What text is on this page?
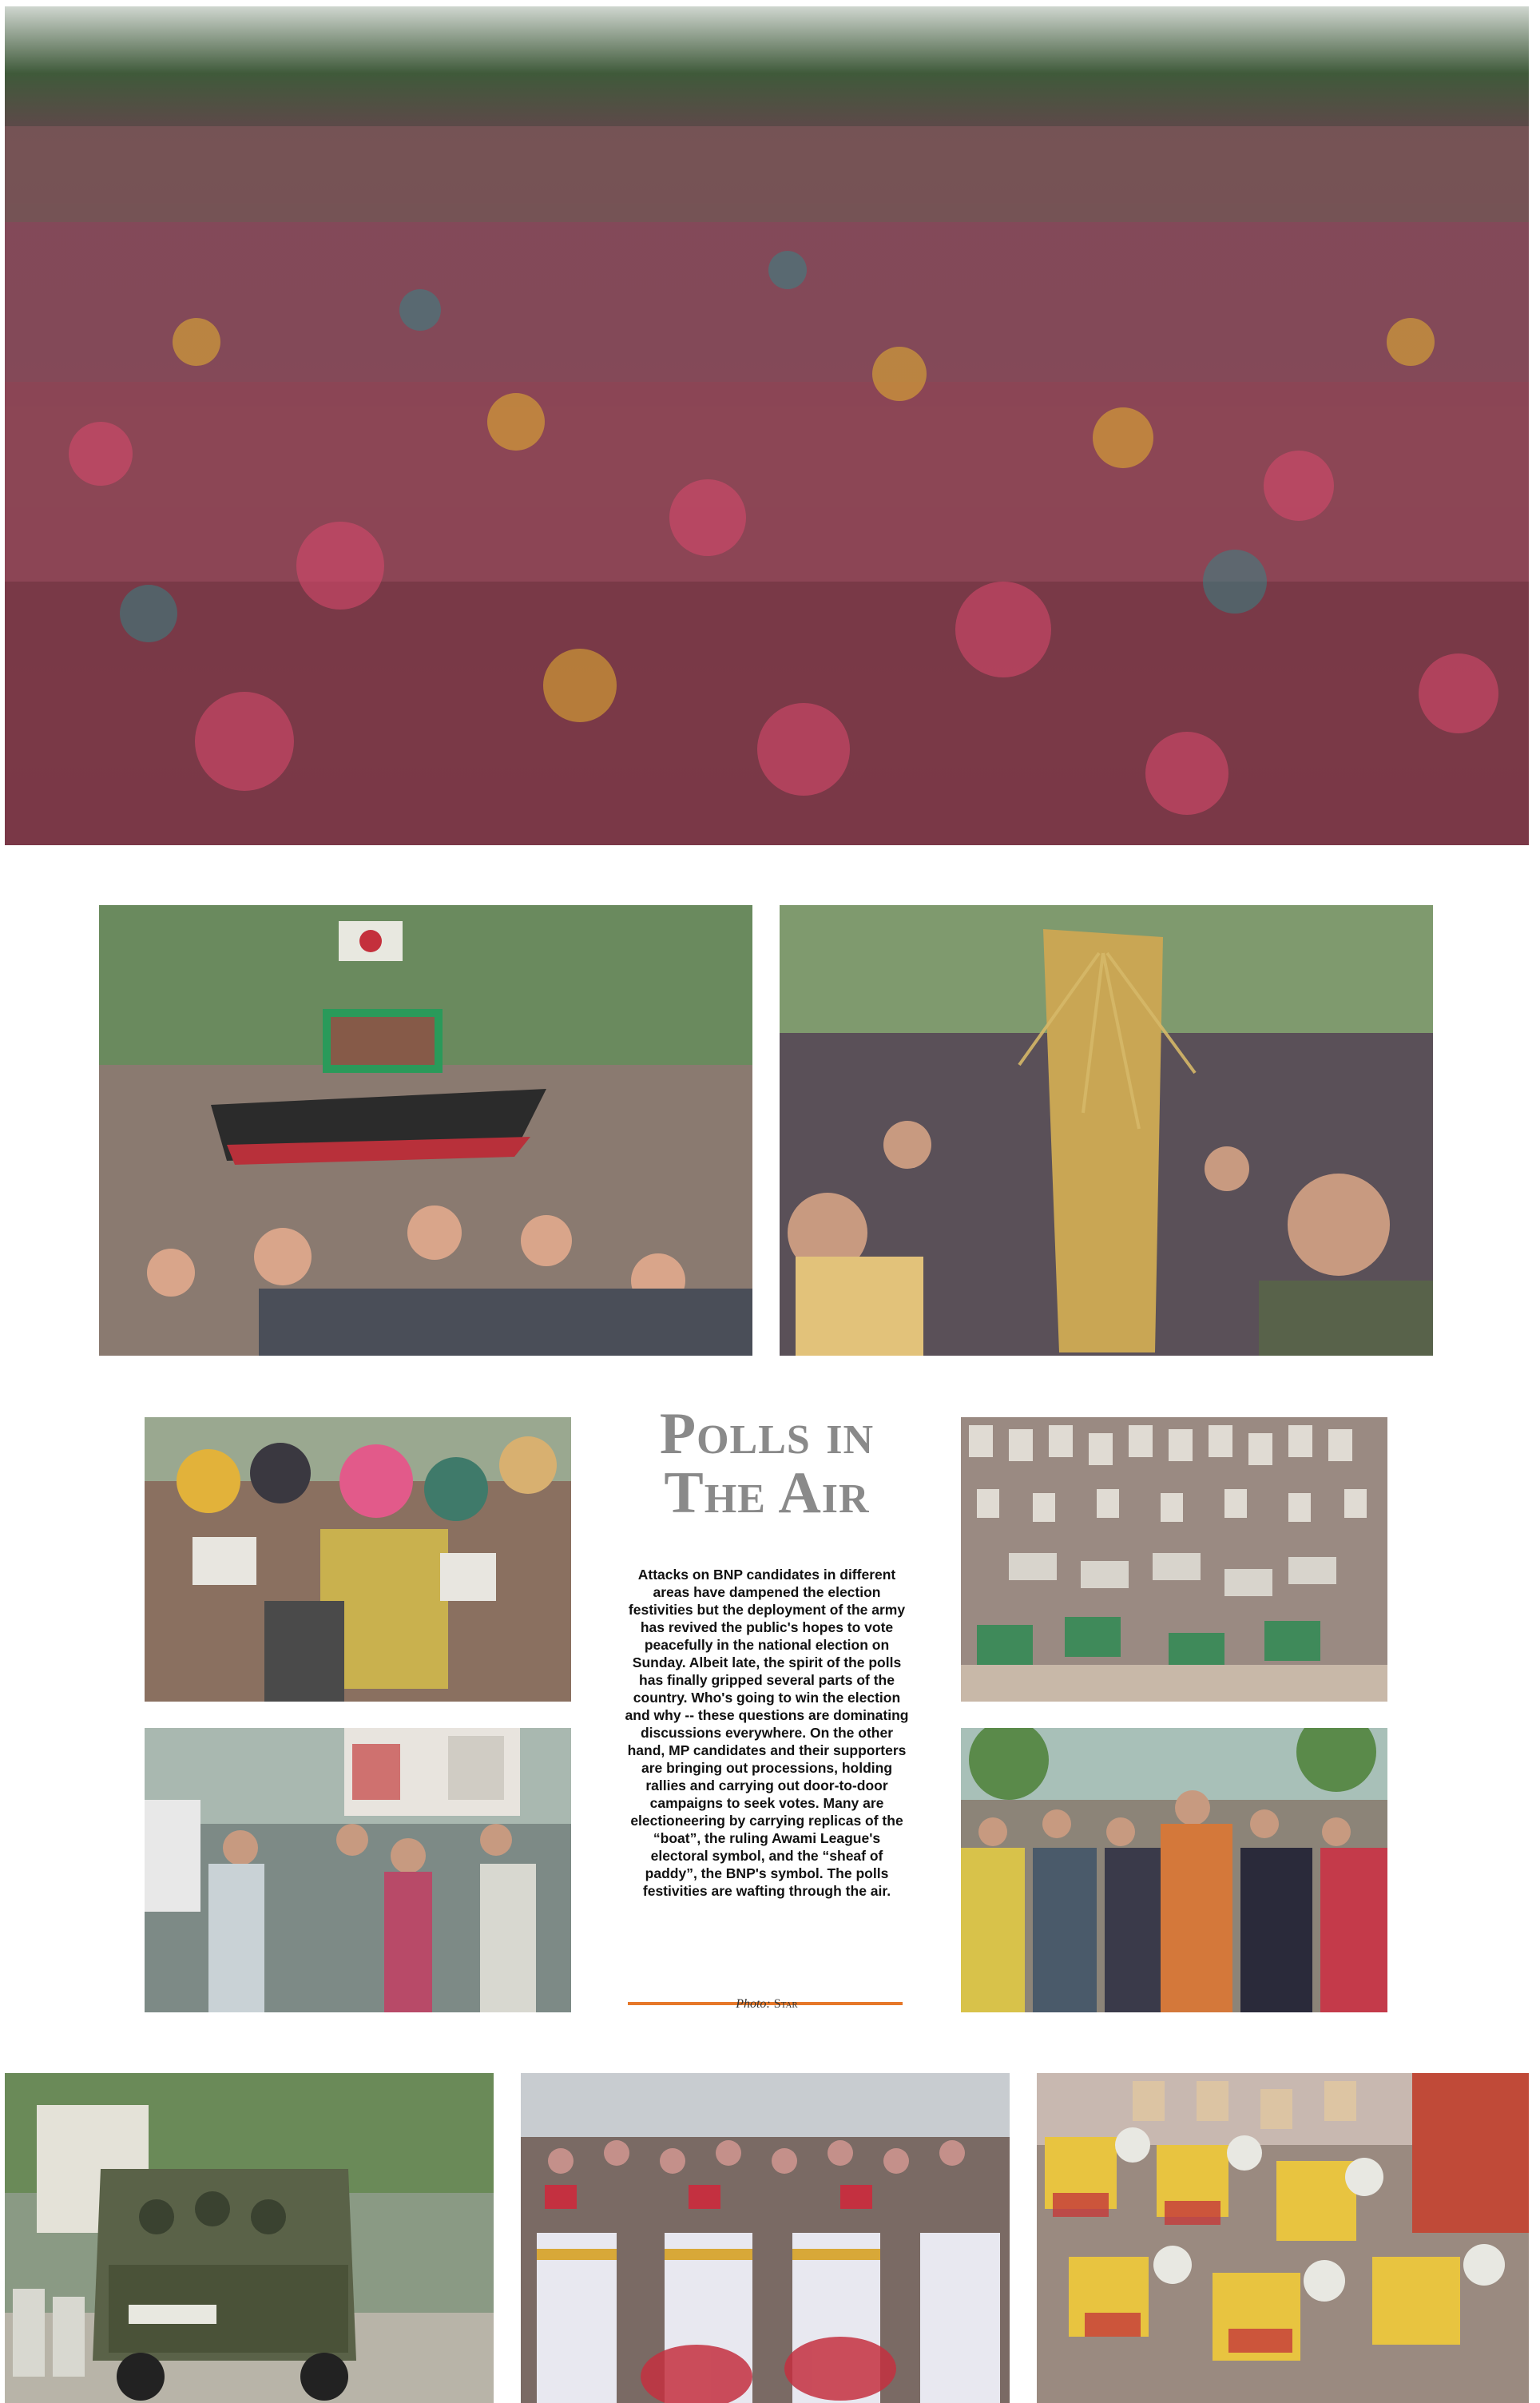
Polls in
The Air
Attacks on BNP candidates in different areas have dampened the election festivities but the deployment of the army has revived the public's hopes to vote peacefully in the national election on Sunday. Albeit late, the spirit of the polls has finally gripped several parts of the country. Who's going to win the election and why -- these questions are dominating discussions everywhere. On the other hand, MP candidates and their supporters are bringing out processions, holding rallies and carrying out door-to-door campaigns to seek votes. Many are electioneering by carrying replicas of the “boat”, the ruling Awami League's electoral symbol, and the “sheaf of paddy”, the BNP's symbol. The polls festivities are wafting through the air.
Photo: Star
